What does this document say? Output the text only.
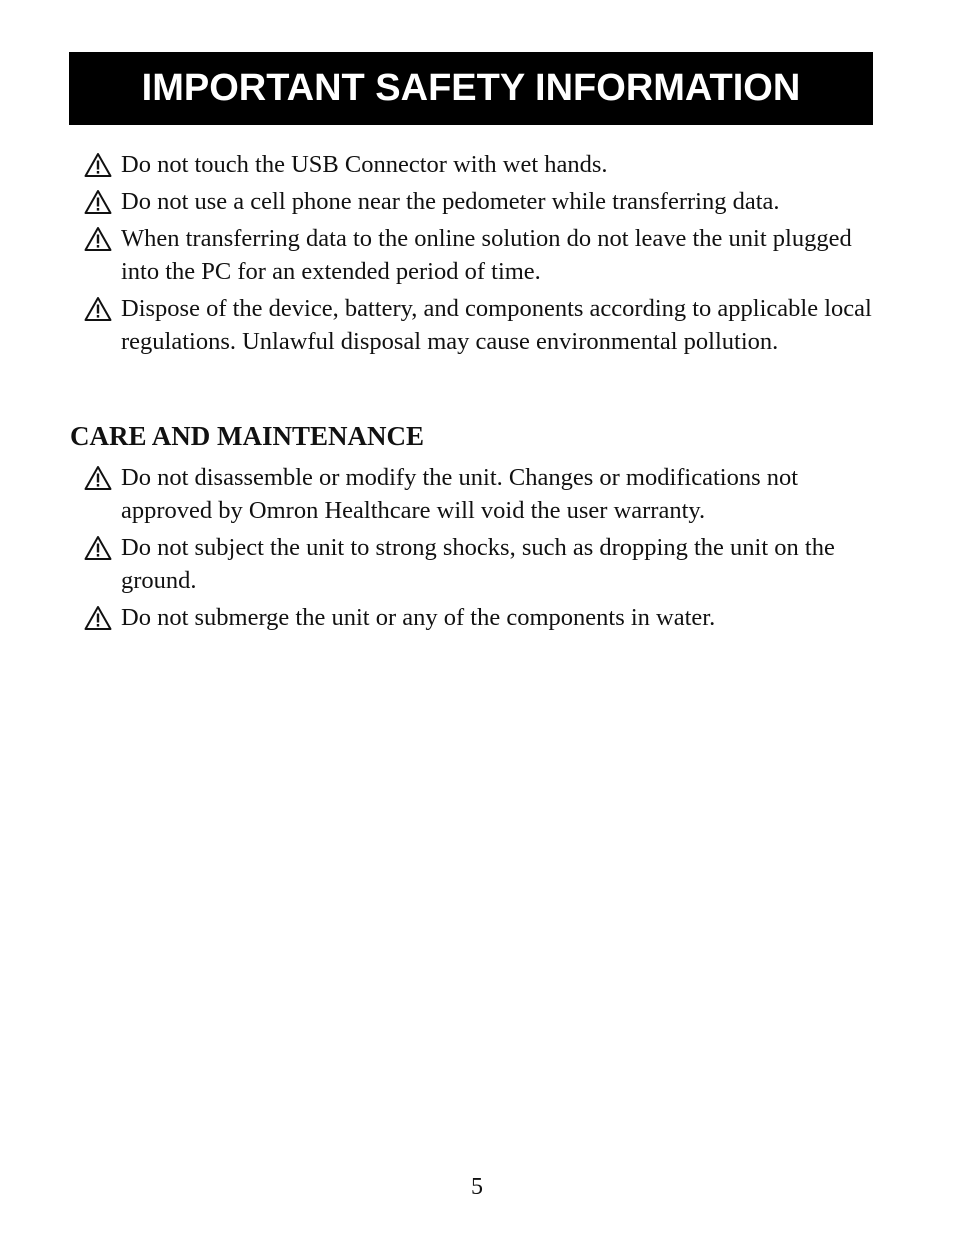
IMPORTANT SAFETY INFORMATION
Do not touch the USB Connector with wet hands.
Do not use a cell phone near the pedometer while transferring data.
When transferring data to the online solution do not leave the unit plugged into the PC for an extended period of time.
Dispose of the device, battery, and components according to applicable local regulations. Unlawful disposal may cause environmental pollution.
CARE AND MAINTENANCE
Do not disassemble or modify the unit. Changes or modifications not approved by Omron Healthcare will void the user warranty.
Do not subject the unit to strong shocks, such as dropping the unit on the ground.
Do not submerge the unit or any of the components in water.
5
